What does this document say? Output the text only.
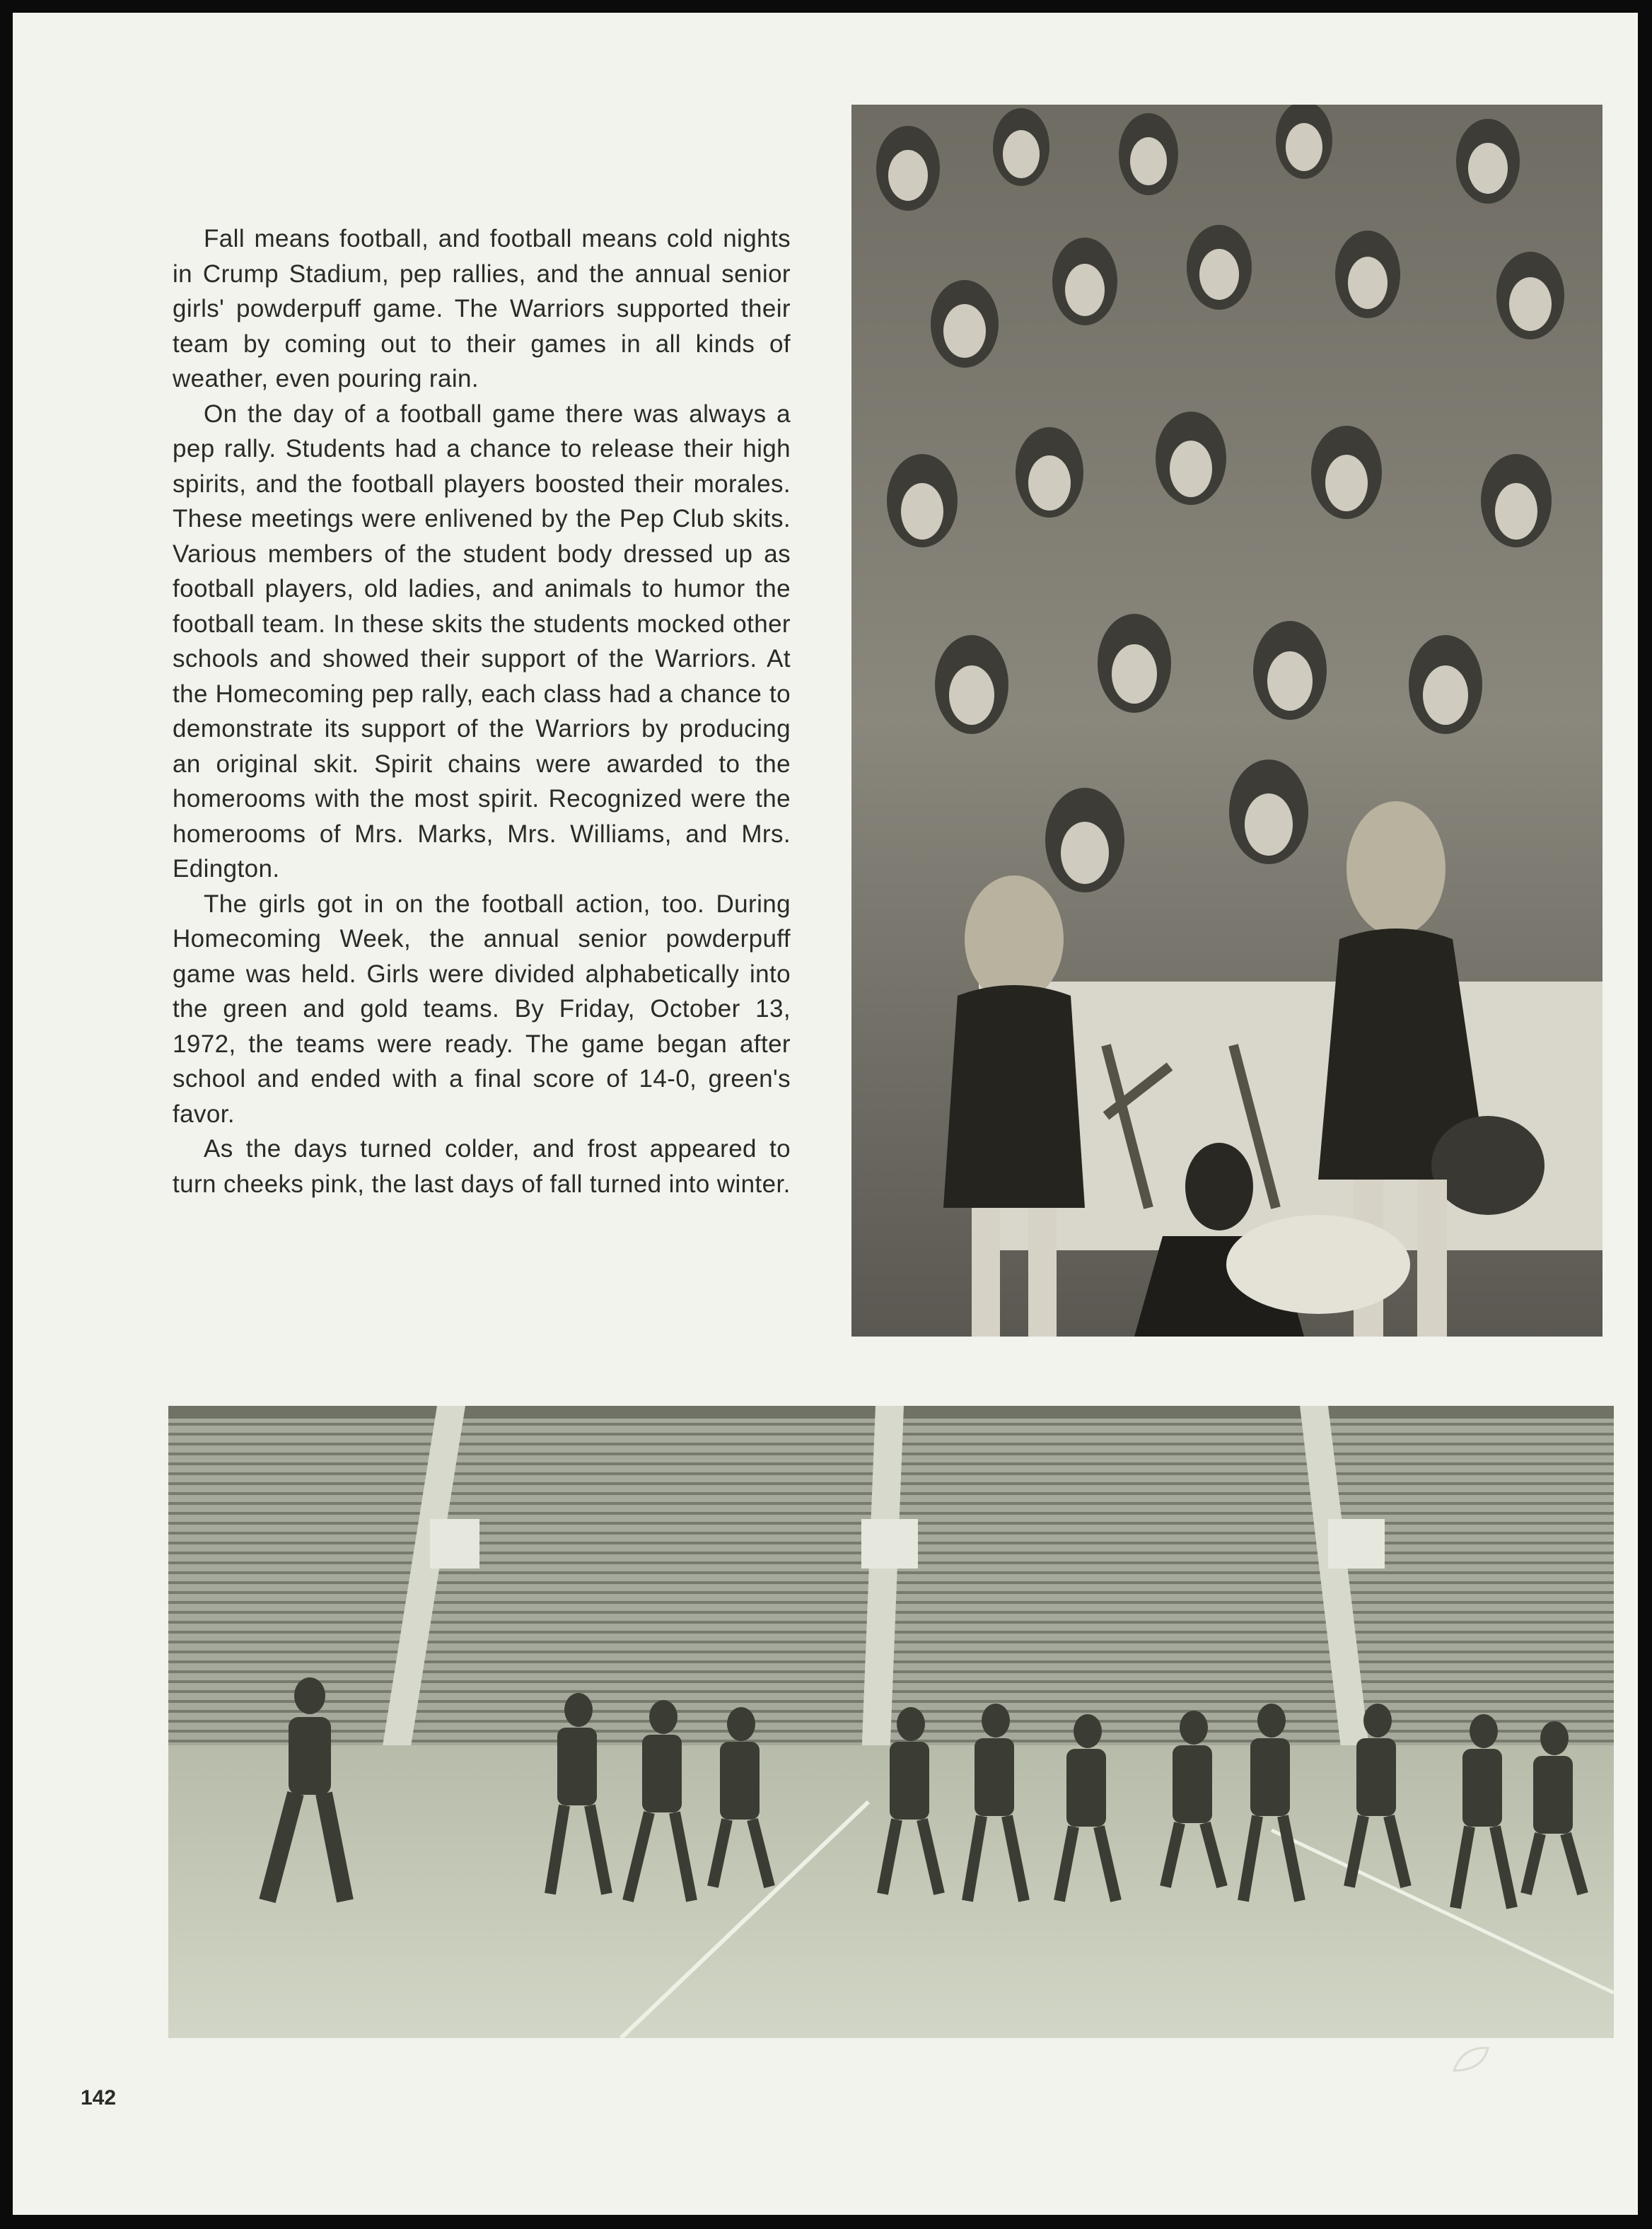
Fall means football, and football means cold nights in Crump Stadium, pep rallies, and the annual senior girls' powderpuff game. The Warriors supported their team by coming out to their games in all kinds of weather, even pouring rain.

On the day of a football game there was always a pep rally. Students had a chance to release their high spirits, and the football players boosted their morales. These meetings were enlivened by the Pep Club skits. Various members of the student body dressed up as football players, old ladies, and animals to humor the football team. In these skits the students mocked other schools and showed their support of the Warriors. At the Homecoming pep rally, each class had a chance to demonstrate its support of the Warriors by producing an original skit. Spirit chains were awarded to the homerooms with the most spirit. Recognized were the homerooms of Mrs. Marks, Mrs. Williams, and Mrs. Edington.

The girls got in on the football action, too. During Homecoming Week, the annual senior powderpuff game was held. Girls were divided alphabetically into the green and gold teams. By Friday, October 13, 1972, the teams were ready. The game began after school and ended with a final score of 14-0, green's favor.

As the days turned colder, and frost appeared to turn cheeks pink, the last days of fall turned into winter.

142
